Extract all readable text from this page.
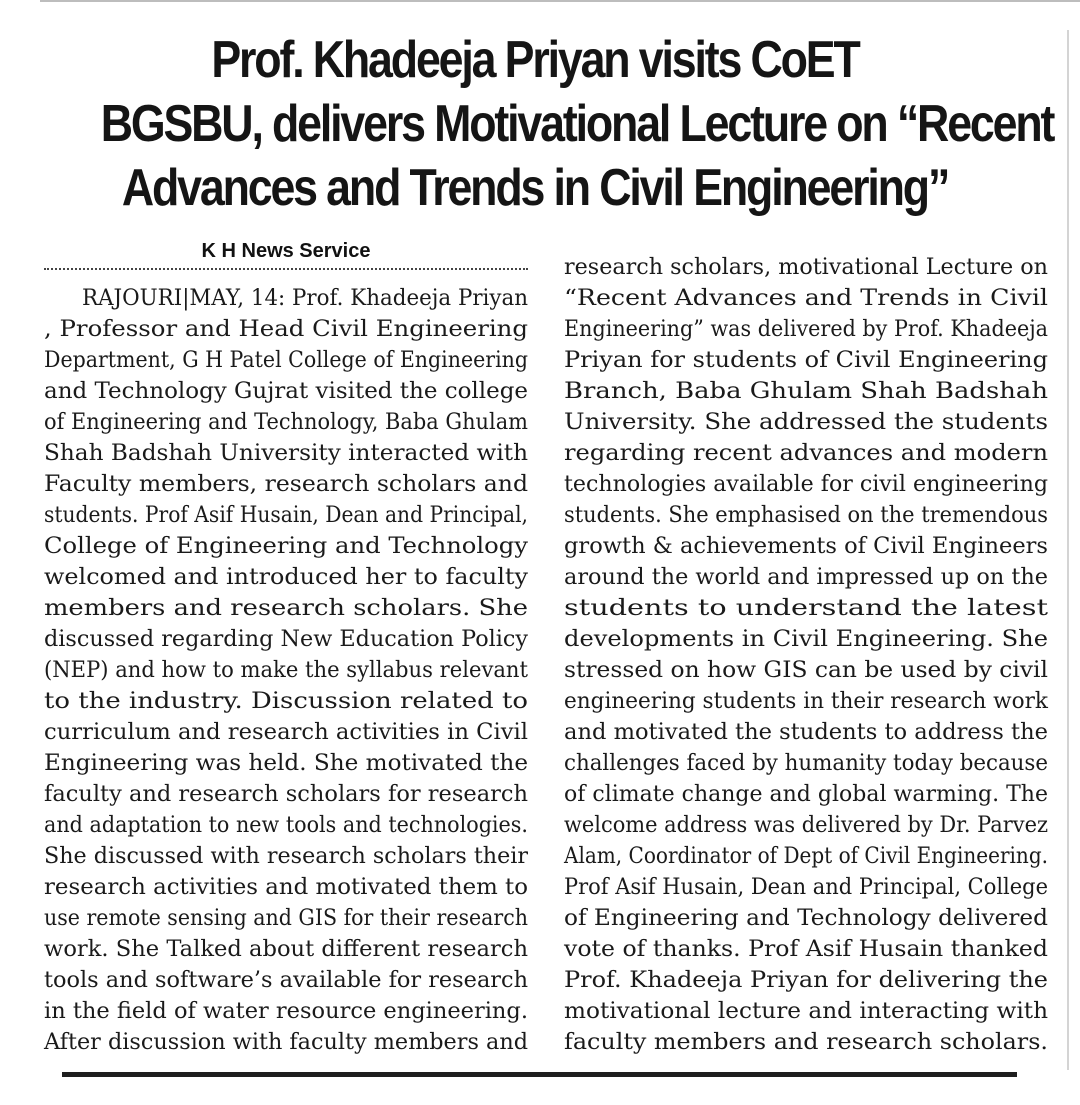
Prof. Khadeeja Priyan visits CoET
BGSBU, delivers Motivational Lecture on “Recent
Advances and Trends in Civil Engineering”
K H News Service
RAJOURI|MAY, 14: Prof. Khadeeja Priyan
, Professor and Head Civil Engineering
Department, G H Patel College of Engineering
and Technology Gujrat visited the college
of Engineering and Technology, Baba Ghulam
Shah Badshah University interacted with
Faculty members, research scholars and
students. Prof Asif Husain, Dean and Principal,
College of Engineering and Technology
welcomed and introduced her to faculty
members and research scholars. She
discussed regarding New Education Policy
(NEP) and how to make the syllabus relevant
to the industry. Discussion related to
curriculum and research activities in Civil
Engineering was held. She motivated the
faculty and research scholars for research
and adaptation to new tools and technologies.
She discussed with research scholars their
research activities and motivated them to
use remote sensing and GIS for their research
work. She Talked about different research
tools and software’s available for research
in the field of water resource engineering.
After discussion with faculty members and
research scholars, motivational Lecture on
“Recent Advances and Trends in Civil
Engineering” was delivered by Prof. Khadeeja
Priyan for students of Civil Engineering
Branch, Baba Ghulam Shah Badshah
University. She addressed the students
regarding recent advances and modern
technologies available for civil engineering
students. She emphasised on the tremendous
growth & achievements of Civil Engineers
around the world and impressed up on the
students to understand the latest
developments in Civil Engineering. She
stressed on how GIS can be used by civil
engineering students in their research work
and motivated the students to address the
challenges faced by humanity today because
of climate change and global warming. The
welcome address was delivered by Dr. Parvez
Alam, Coordinator of Dept of Civil Engineering.
Prof Asif Husain, Dean and Principal, College
of Engineering and Technology delivered
vote of thanks. Prof Asif Husain thanked
Prof. Khadeeja Priyan for delivering the
motivational lecture and interacting with
faculty members and research scholars.
